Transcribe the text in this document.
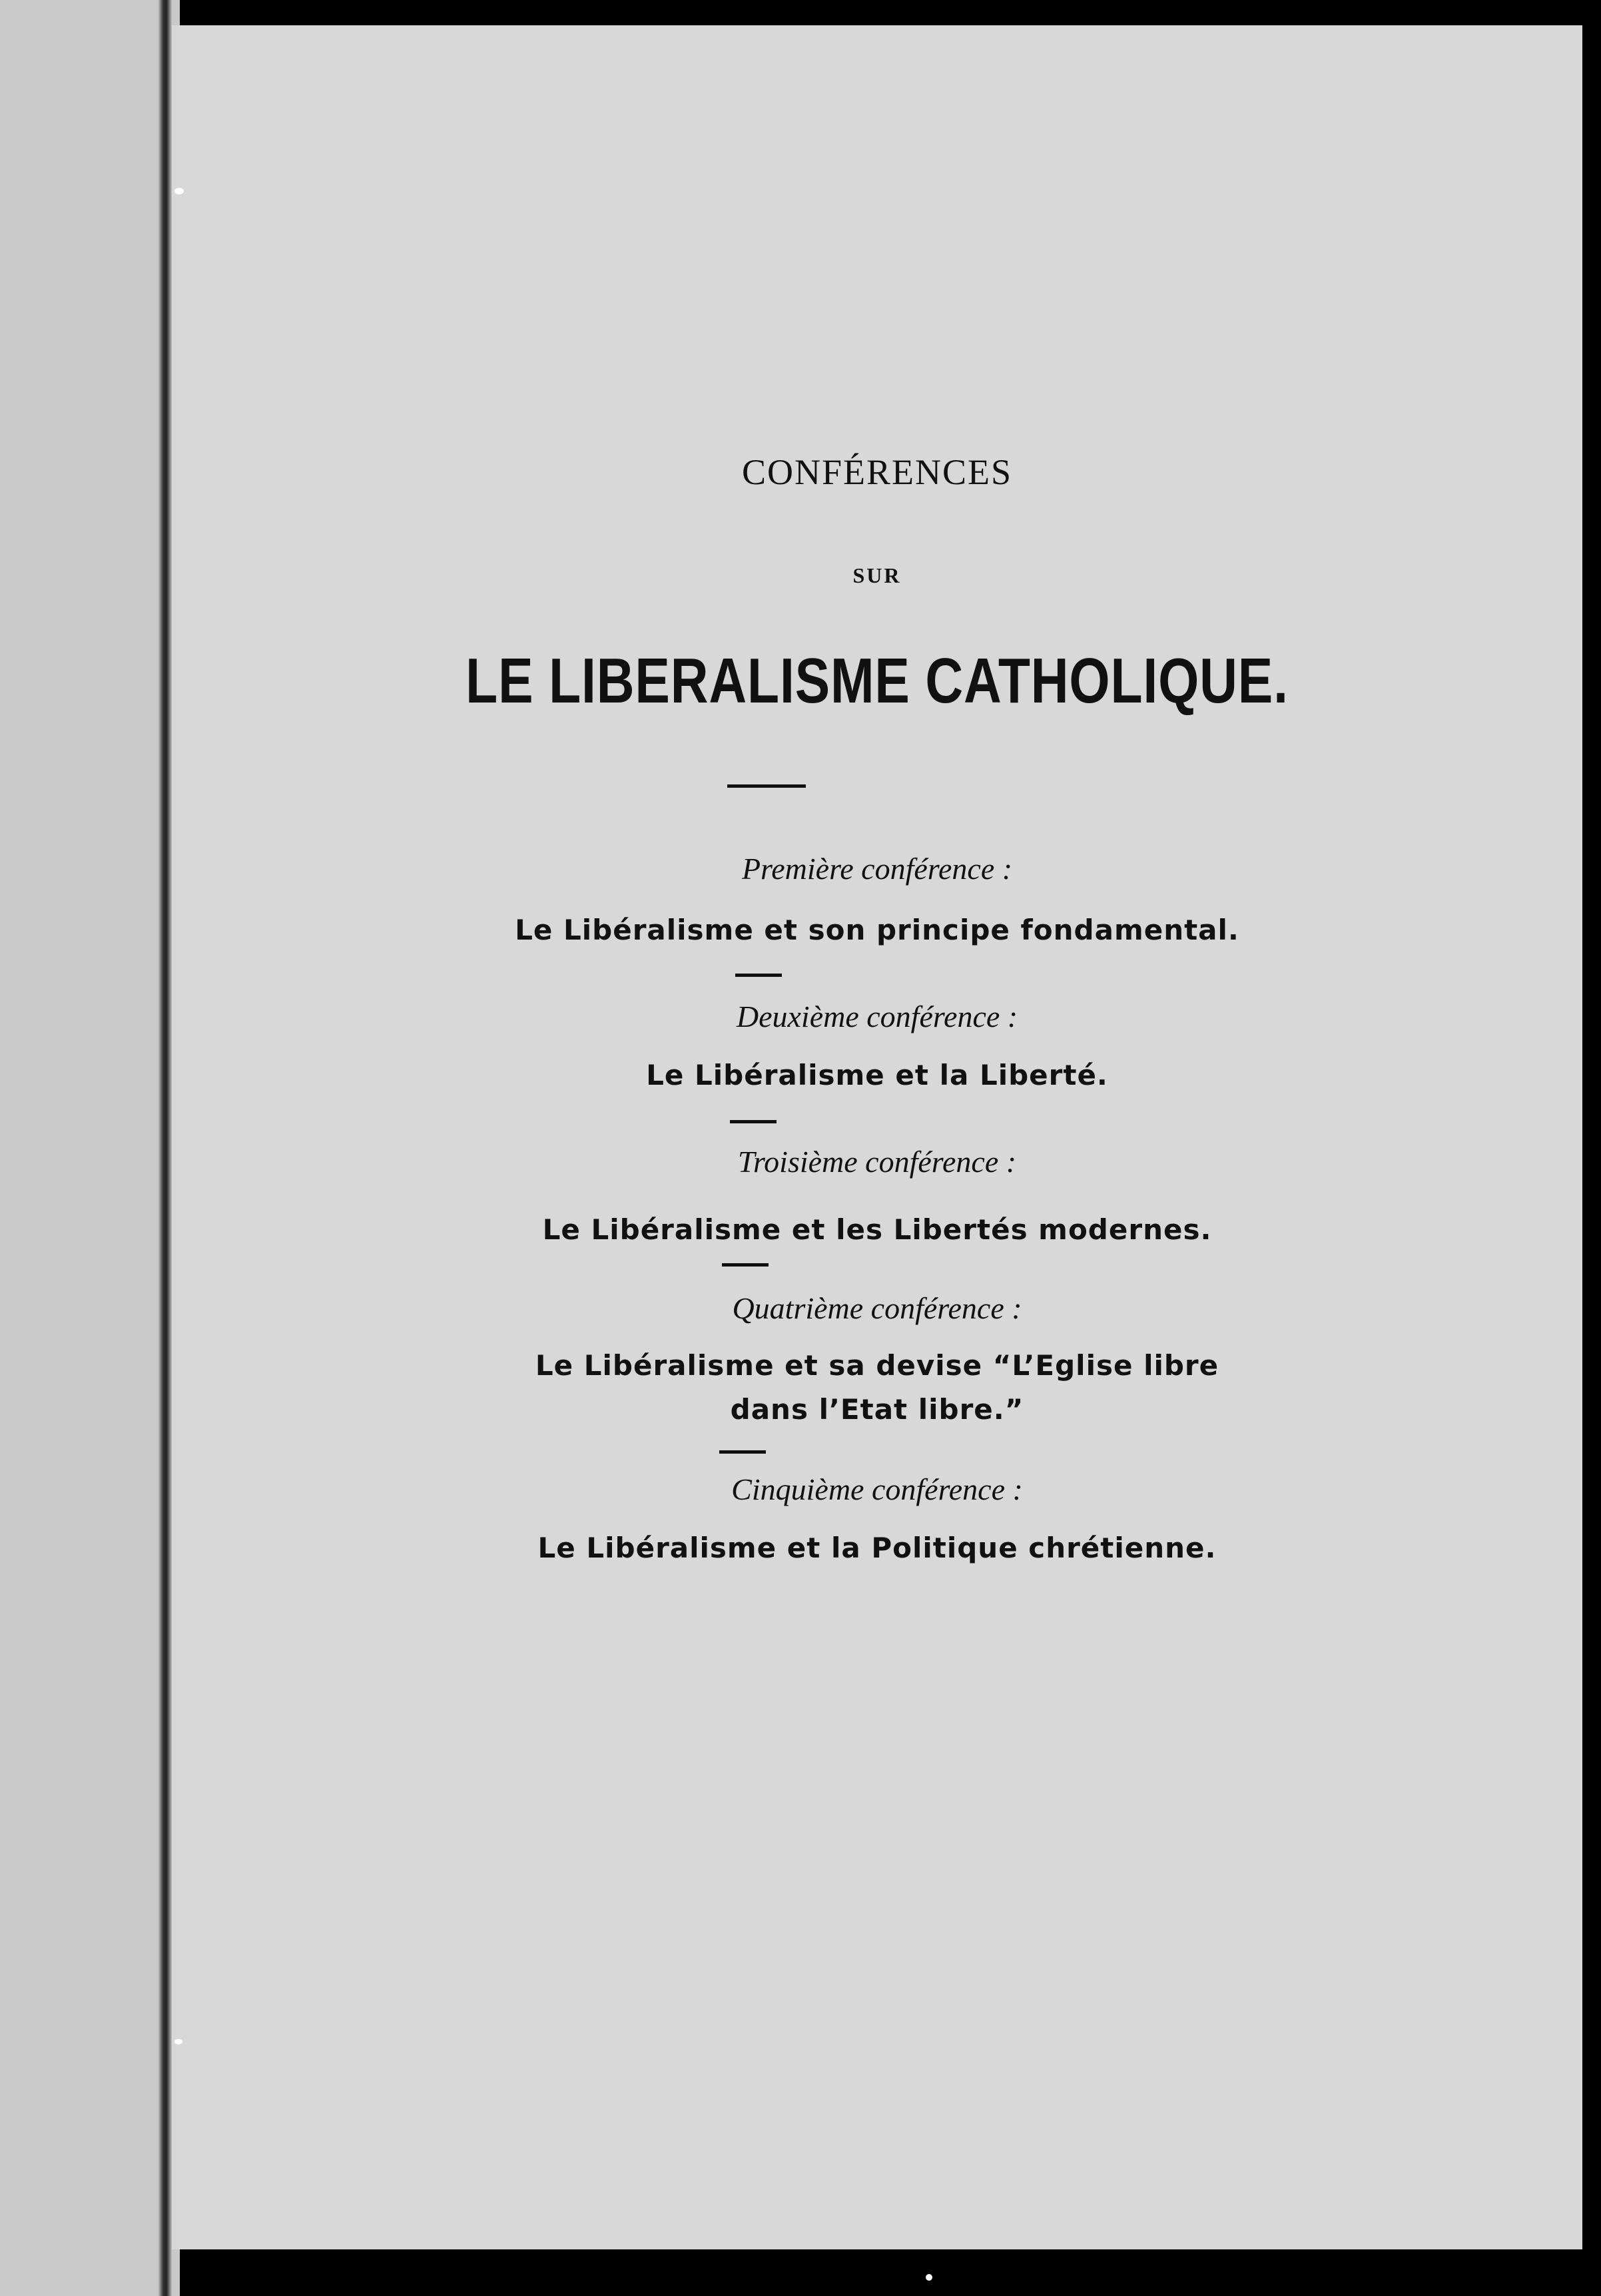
CONFÉRENCES

SUR

LE LIBERALISME CATHOLIQUE.

Première conférence :

Le Libéralisme et son principe fondamental.

Deuxième conférence :

Le Libéralisme et la Liberté.

Troisième conférence :

Le Libéralisme et les Libertés modernes.

Quatrième conférence :

Le Libéralisme et sa devise “L’Eglise libre

dans l’Etat libre.”

Cinquième conférence :

Le Libéralisme et la Politique chrétienne.
